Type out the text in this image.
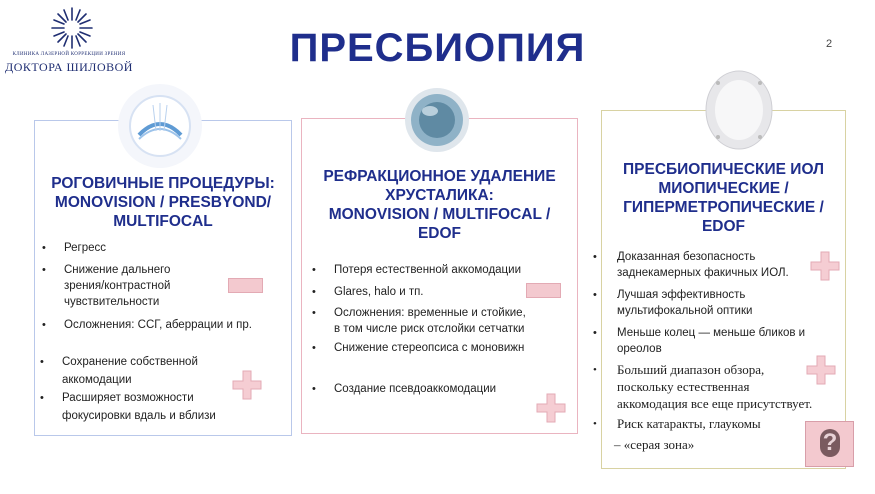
КЛИНИКА ЛАЗЕРНОЙ КОРРЕКЦИИ ЗРЕНИЯ
ДОКТОРА ШИЛОВОЙ	ПРЕСБИОПИЯ	2
РОГОВИЧНЫЕ ПРОЦЕДУРЫ:
MONOVISION / PRESBYOND/
MULTIFOCAL
• Регресс
• Снижение дальнего
зрения/контрастной
чувствительности
• Осложнения: ССГ, аберрации и пр.
• Сохранение собственной
аккомодации
• Расширяет возможности
фокусировки вдаль и вблизи
РЕФРАКЦИОННОЕ УДАЛЕНИЕ
ХРУСТАЛИКА:
MONOVISION / MULTIFOCAL /
EDOF
• Потеря естественной аккомодации
• Glares, halo и тп.
• Осложнения: временные и стойкие,
в том числе риск отслойки сетчатки
• Снижение стереопсиса с моновижн
• Создание псевдоаккомодации
ПРЕСБИОПИЧЕСКИЕ ИОЛ
МИОПИЧЕСКИЕ /
ГИПЕРМЕТРОПИЧЕСКИЕ /
EDOF
• Доказанная безопасность
заднекамерных факичных ИОЛ.
• Лучшая эффективность
мультифокальной оптики
• Меньше колец — меньше бликов и
ореолов
• Больший диапазон обзора,
поскольку естественная
аккомодация все еще присутствует.
• Риск катаракты, глаукомы
– «серая зона»	?
